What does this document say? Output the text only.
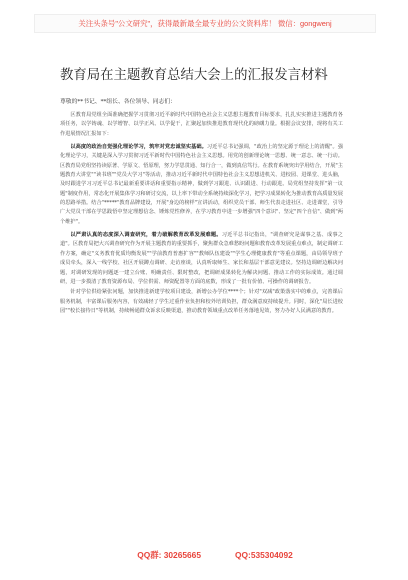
关注头条号"公文研究"，获得最新最全最专业的公文资料库！ 微信：gongwenj
教育局在主题教育总结大会上的汇报发言材料
尊敬的**书记、**组长、各位领导、同志们：

区教育局党组全面准确把握学习贯彻习近平新时代中国特色社会主义思想主题教育目标要求，扎扎实实推进主题教育各项任务，以学铸魂、以学增智、以学正风、以学促干，汇聚起加快推进教育现代化的磅礴力量。根据会议安排，现将有关工作进展情况汇报如下：

以高度的政治自觉强化理论学习，筑牢对党忠诚坚实基础。习近平总书记强调，"政治上的坚定源于理论上的清醒"。强化理论学习，关键是深入学习贯彻习近平新时代中国特色社会主义思想。用党的创新理论统一思想、统一意志、统一行动。区教育局党组坚持读原著、学原文、悟原理，努力学思贯通、知行合一，做到真信笃行。在教育系统突出学用结合，开展"主题教育大讲堂""读书班""党员大学习"等活动，推动习近平新时代中国特色社会主义思想进机关、进校园、进课堂、进头脑，及时跟进学习习近平总书记最新重要讲话和重要指示精神，做到学习跟进、认识跟进、行动跟进。局党组坚持发挥"第一议题"制度作用，常态化开展集体学习和研讨交流，以上率下带动全系统持续深化学习，把学习成果转化为推动教育高质量发展的思路举措。结合"*****"教育品牌建设，开展"身边的榜样"宣讲活动，组织党员干部、师生代表走进社区、走进课堂，引导广大党员干部在学思践悟中坚定理想信念、锤炼党性修养，在学习教育中进一步增强"四个意识"、坚定"四个自信"、做到"两个维护"。

以严肃认真的态度深入调查研究，着力破解教育改革发展难题。习近平总书记指出，"调查研究是谋事之基、成事之道"。区教育局把大兴调查研究作为开展主题教育的重要抓手，聚焦群众急难愁盼问题和教育改革发展重点难点，制定调研工作方案，确定"义务教育优质均衡发展""学前教育普惠扩容""教师队伍建设""学生心理健康教育"等重点课题，由局领导班子成员牵头，深入一线学校、社区开展蹲点调研、走访座谈，认真听取师生、家长和基层干部意见建议。坚持边调研边解决问题，对调研发现的问题逐一建立台账、明确责任、限时整改，把调研成果转化为解决问题、推动工作的实际成效。通过调研，进一步摸清了教育资源布局、学位供需、师资配置等方面的底数，形成了一批有价值、可操作的调研报告。

针对学位供给紧张问题，加快推进新建学校项目建设，新增公办学位****个；针对"双减"政策落实中的难点，完善课后服务机制，丰富课后服务内容，有效减轻了学生过重作业负担和校外培训负担，群众满意度持续提升。同时，深化"局长进校园""校长接待日"等机制，持续畅通群众诉求反映渠道，推动教育领域重点改革任务落地见效，努力办好人民满意的教育。

QQ群: 30265665	QQ:535304092
